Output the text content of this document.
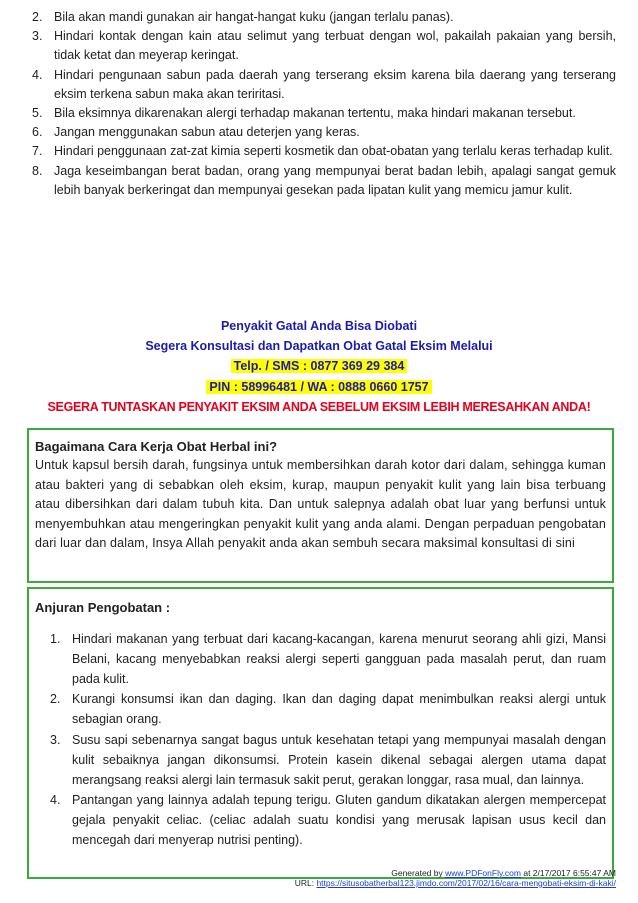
2. Bila akan mandi gunakan air hangat-hangat kuku (jangan terlalu panas).
3. Hindari kontak dengan kain atau selimut yang terbuat dengan wol, pakailah pakaian yang bersih, tidak ketat dan meyerap keringat.
4. Hindari pengunaan sabun pada daerah yang terserang eksim karena bila daerang yang terserang eksim terkena sabun maka akan teriritasi.
5. Bila eksimnya dikarenakan alergi terhadap makanan tertentu, maka hindari makanan tersebut.
6. Jangan menggunakan sabun atau deterjen yang keras.
7. Hindari penggunaan zat-zat kimia seperti kosmetik dan obat-obatan yang terlalu keras terhadap kulit.
8. Jaga keseimbangan berat badan, orang yang mempunyai berat badan lebih, apalagi sangat gemuk lebih banyak berkeringat dan mempunyai gesekan pada lipatan kulit yang memicu jamur kulit.
Penyakit Gatal Anda Bisa Diobati
Segera Konsultasi dan Dapatkan Obat Gatal Eksim Melalui
Telp. / SMS : 0877 369 29 384
PIN : 58996481 / WA : 0888 0660 1757
SEGERA TUNTASKAN PENYAKIT EKSIM ANDA SEBELUM EKSIM LEBIH MERESAHKAN ANDA!
Bagaimana Cara Kerja Obat Herbal ini?

Untuk kapsul bersih darah, fungsinya untuk membersihkan darah kotor dari dalam, sehingga kuman atau bakteri yang di sebabkan oleh eksim, kurap, maupun penyakit kulit yang lain bisa terbuang atau dibersihkan dari dalam tubuh kita. Dan untuk salepnya adalah obat luar yang berfunsi untuk menyembuhkan atau mengeringkan penyakit kulit yang anda alami. Dengan perpaduan pengobatan dari luar dan dalam, Insya Allah penyakit anda akan sembuh secara maksimal konsultasi di sini

Anjuran Pengobatan :
1. Hindari makanan yang terbuat dari kacang-kacangan, karena menurut seorang ahli gizi, Mansi Belani, kacang menyebabkan reaksi alergi seperti gangguan pada masalah perut, dan ruam pada kulit.
2. Kurangi konsumsi ikan dan daging. Ikan dan daging dapat menimbulkan reaksi alergi untuk sebagian orang.
3. Susu sapi sebenarnya sangat bagus untuk kesehatan tetapi yang mempunyai masalah dengan kulit sebaiknya jangan dikonsumsi. Protein kasein dikenal sebagai alergen utama dapat merangsang reaksi alergi lain termasuk sakit perut, gerakan longgar, rasa mual, dan lainnya.
4. Pantangan yang lainnya adalah tepung terigu. Gluten gandum dikatakan alergen mempercepat gejala penyakit celiac. (celiac adalah suatu kondisi yang merusak lapisan usus kecil dan mencegah dari menyerap nutrisi penting).
Generated by www.PDFonFly.com at 2/17/2017 6:55:47 AM
URL: https://situsobatherbal123.jimdo.com/2017/02/16/cara-mengobati-eksim-di-kaki/
